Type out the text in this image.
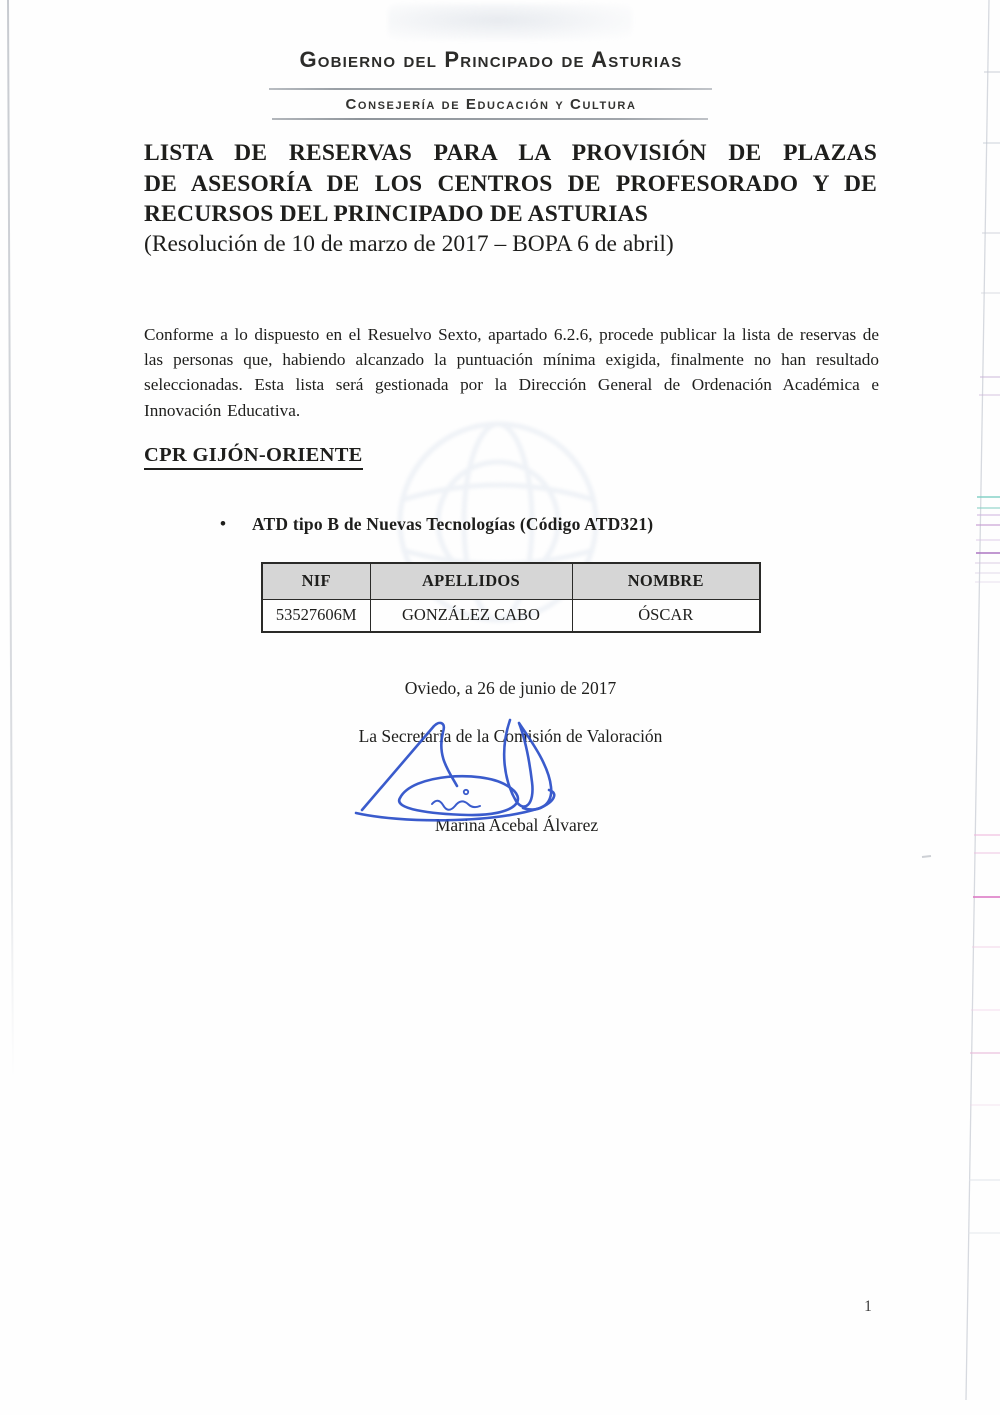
Gobierno del Principado de Asturias
Consejería de Educación y Cultura
LISTA DE RESERVAS PARA LA PROVISIÓN DE PLAZAS
DE ASESORÍA DE LOS CENTROS DE PROFESORADO Y DE
RECURSOS DEL PRINCIPADO DE ASTURIAS
(Resolución de 10 de marzo de 2017 – BOPA 6 de abril)
Conforme a lo dispuesto en el Resuelvo Sexto, apartado 6.2.6, procede publicar la lista de reservas de las personas que, habiendo alcanzado la puntuación mínima exigida, finalmente no han resultado seleccionadas. Esta lista será gestionada por la Dirección General de Ordenación Académica e Innovación Educativa.
CPR GIJÓN-ORIENTE
•	ATD tipo B de Nuevas Tecnologías (Código ATD321)
NIF	APELLIDOS	NOMBRE
53527606M	GONZÁLEZ CABO	ÓSCAR
Oviedo, a 26 de junio de 2017
La Secretaria de la Comisión de Valoración
Marina Acebal Álvarez
1
